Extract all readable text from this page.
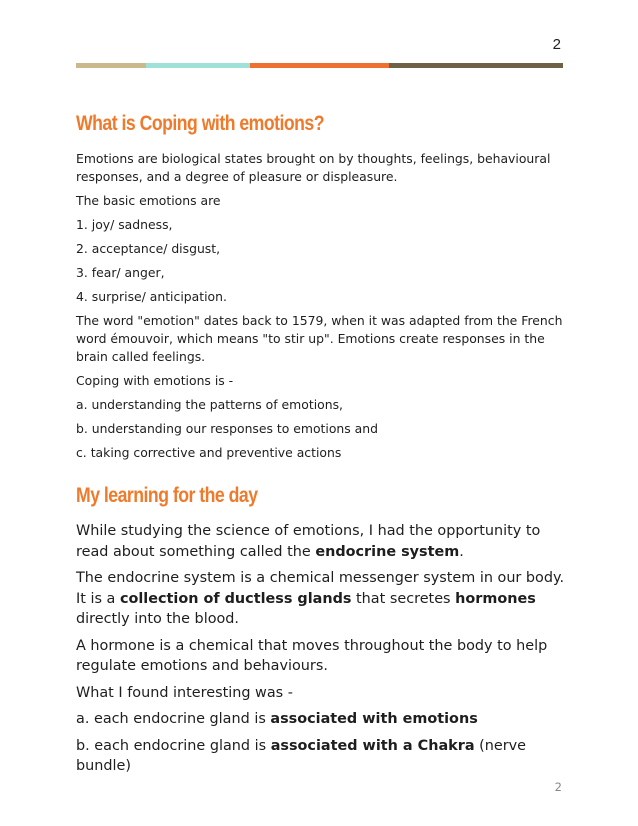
2
What is Coping with emotions?

Emotions are biological states brought on by thoughts, feelings, behavioural responses, and a degree of pleasure or displeasure.

The basic emotions are

1. joy/ sadness,

2. acceptance/ disgust,

3. fear/ anger,

4. surprise/ anticipation.

The word "emotion" dates back to 1579, when it was adapted from the French word émouvoir, which means "to stir up". Emotions create responses in the brain called feelings.

Coping with emotions is -

a. understanding the patterns of emotions,

b. understanding our responses to emotions and

c. taking corrective and preventive actions

My learning for the day

While studying the science of emotions, I had the opportunity to read about something called the endocrine system.

The endocrine system is a chemical messenger system in our body. It is a collection of ductless glands that secretes hormones directly into the blood.

A hormone is a chemical that moves throughout the body to help regulate emotions and behaviours.

What I found interesting was -

a. each endocrine gland is associated with emotions

b. each endocrine gland is associated with a Chakra (nerve bundle)

2
